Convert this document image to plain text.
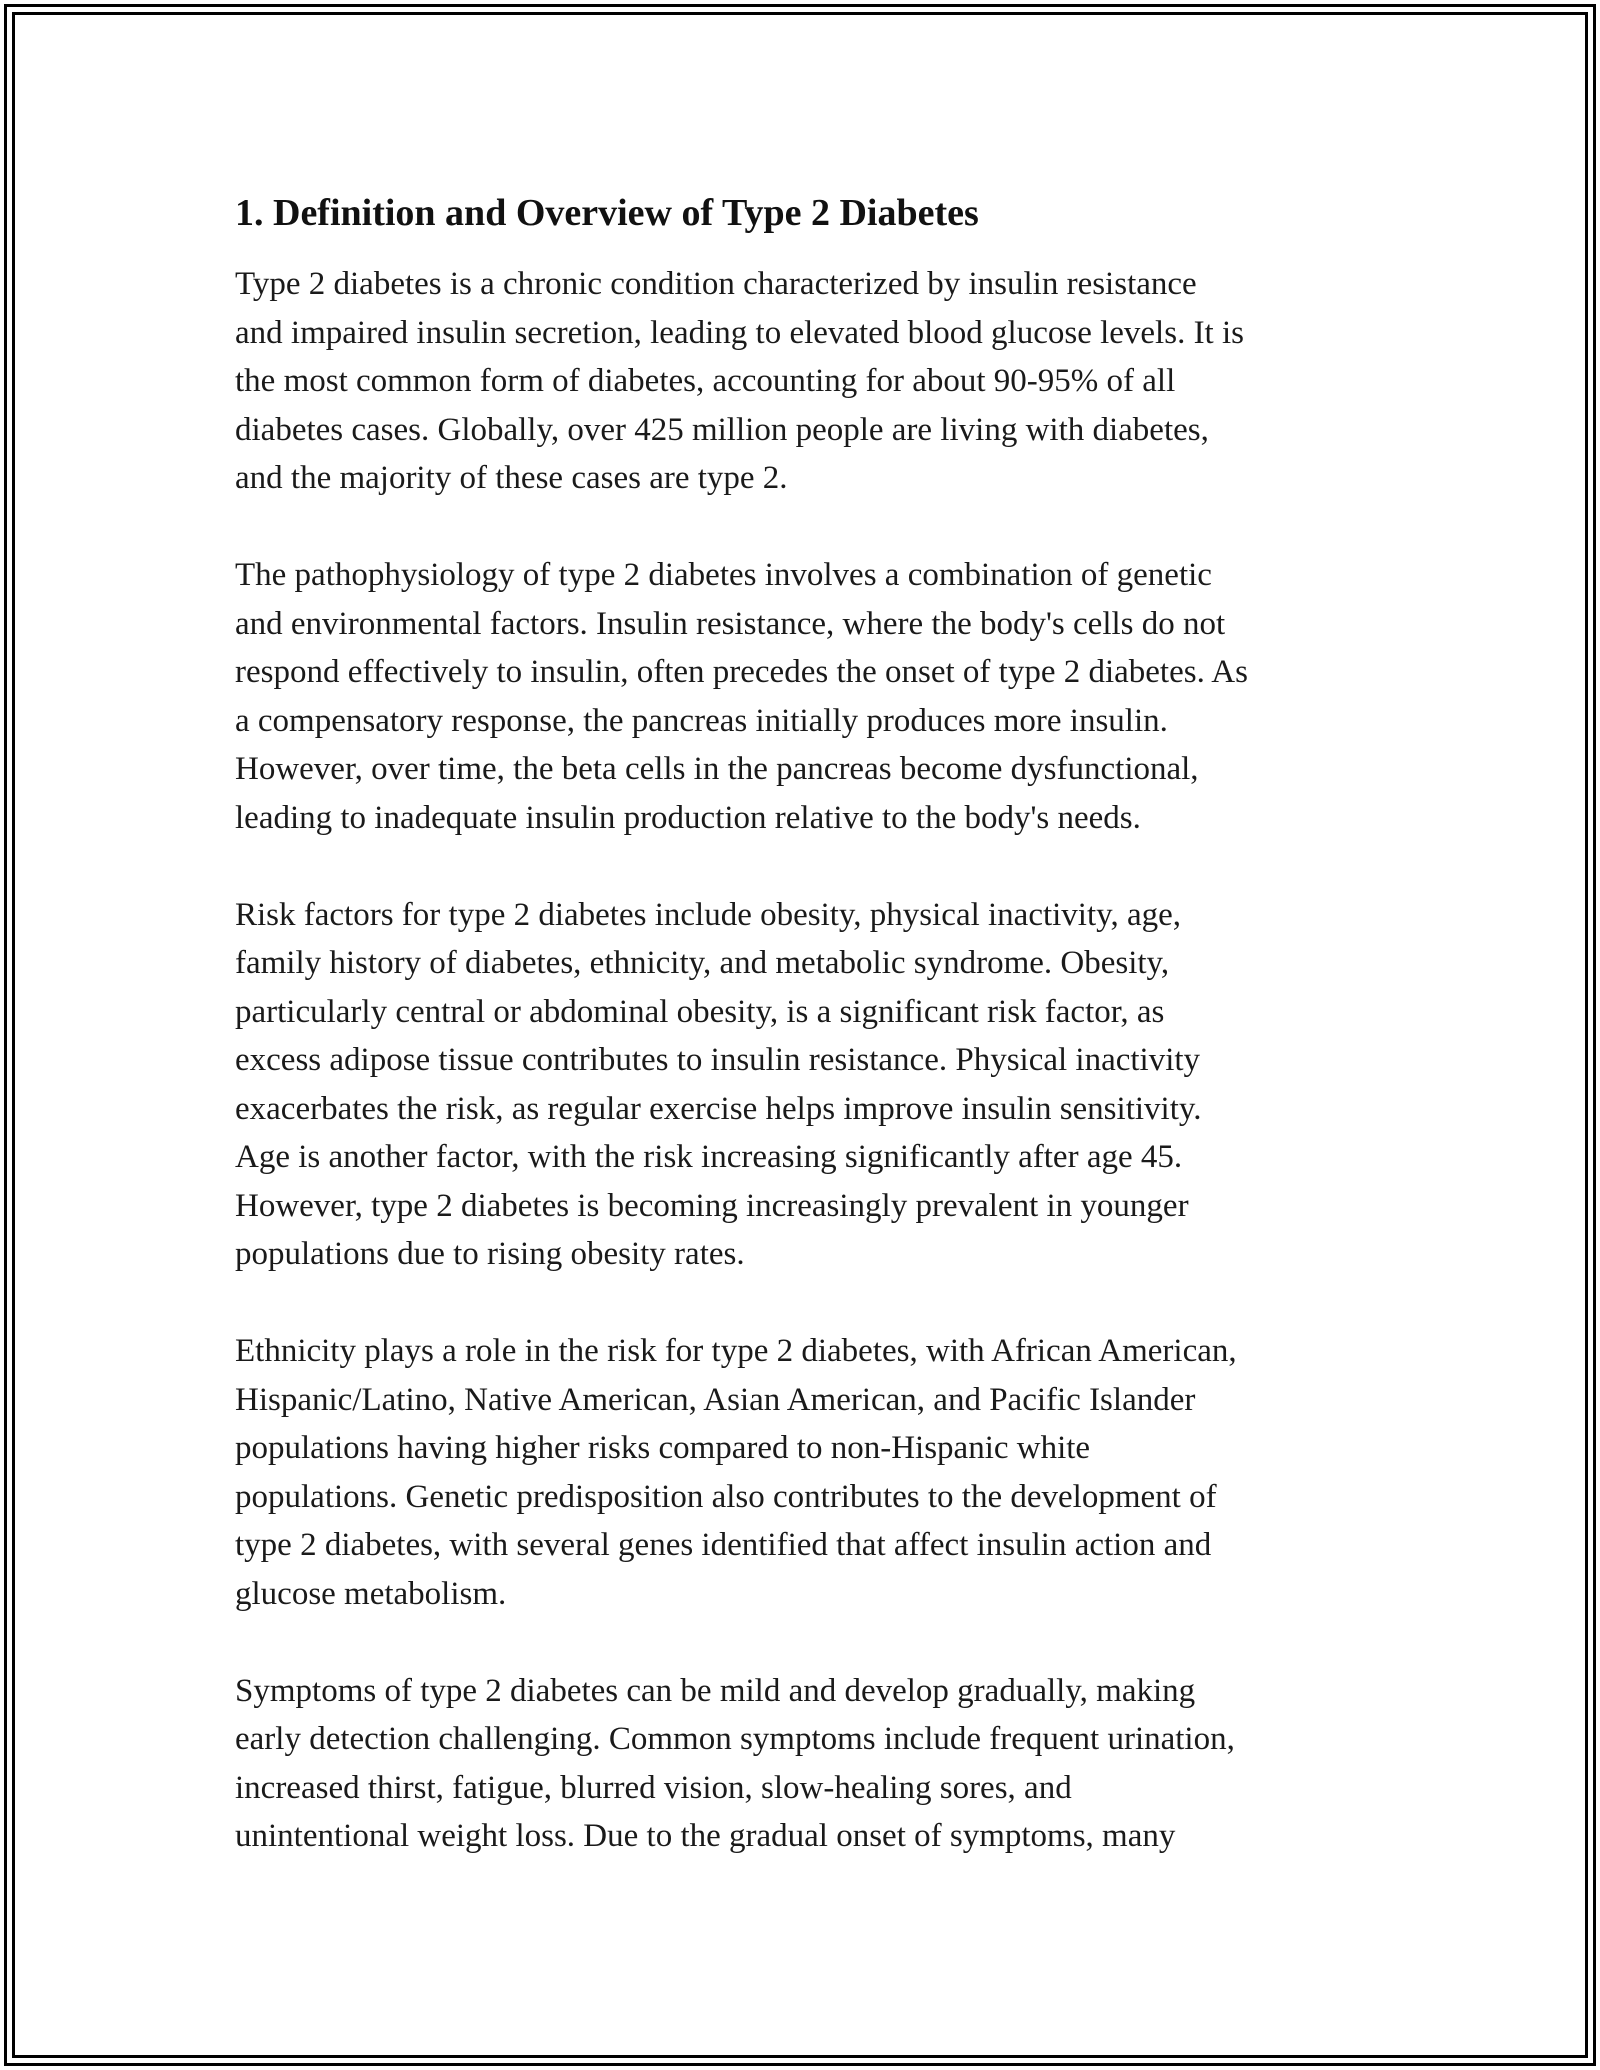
1. Definition and Overview of Type 2 Diabetes
Type 2 diabetes is a chronic condition characterized by insulin resistance
and impaired insulin secretion, leading to elevated blood glucose levels. It is
the most common form of diabetes, accounting for about 90-95% of all
diabetes cases. Globally, over 425 million people are living with diabetes,
and the majority of these cases are type 2.
The pathophysiology of type 2 diabetes involves a combination of genetic
and environmental factors. Insulin resistance, where the body's cells do not
respond effectively to insulin, often precedes the onset of type 2 diabetes. As
a compensatory response, the pancreas initially produces more insulin.
However, over time, the beta cells in the pancreas become dysfunctional,
leading to inadequate insulin production relative to the body's needs.
Risk factors for type 2 diabetes include obesity, physical inactivity, age,
family history of diabetes, ethnicity, and metabolic syndrome. Obesity,
particularly central or abdominal obesity, is a significant risk factor, as
excess adipose tissue contributes to insulin resistance. Physical inactivity
exacerbates the risk, as regular exercise helps improve insulin sensitivity.
Age is another factor, with the risk increasing significantly after age 45.
However, type 2 diabetes is becoming increasingly prevalent in younger
populations due to rising obesity rates.
Ethnicity plays a role in the risk for type 2 diabetes, with African American,
Hispanic/Latino, Native American, Asian American, and Pacific Islander
populations having higher risks compared to non-Hispanic white
populations. Genetic predisposition also contributes to the development of
type 2 diabetes, with several genes identified that affect insulin action and
glucose metabolism.
Symptoms of type 2 diabetes can be mild and develop gradually, making
early detection challenging. Common symptoms include frequent urination,
increased thirst, fatigue, blurred vision, slow-healing sores, and
unintentional weight loss. Due to the gradual onset of symptoms, many
